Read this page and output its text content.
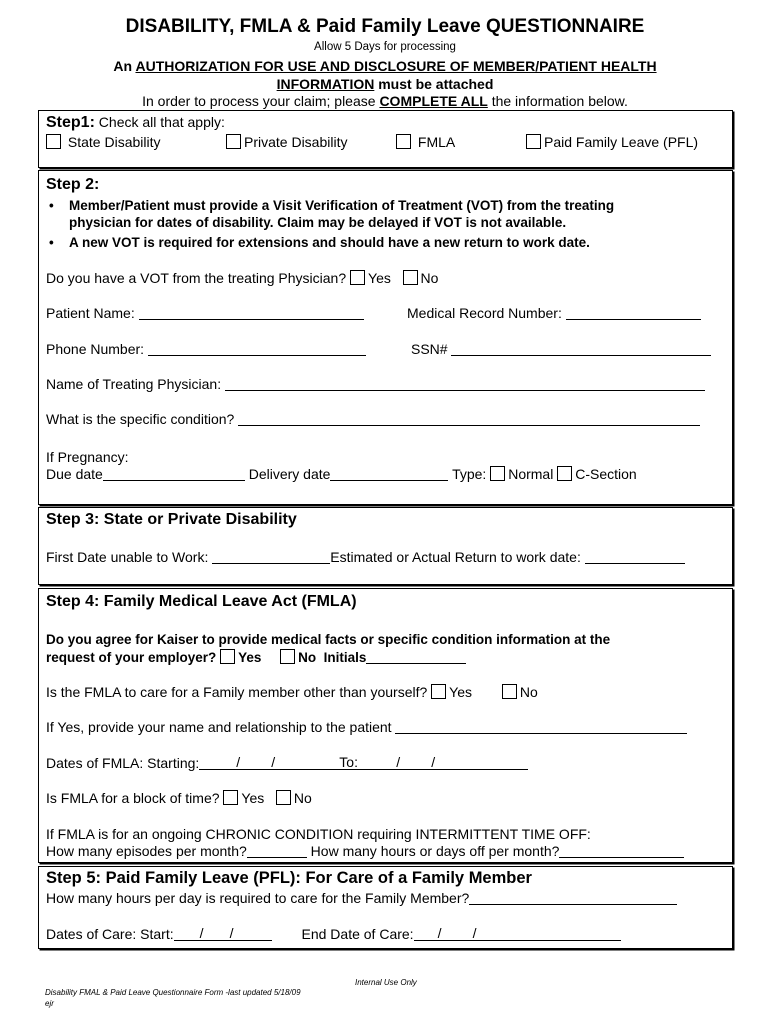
DISABILITY, FMLA & Paid Family Leave QUESTIONNAIRE
Allow 5 Days for processing
An AUTHORIZATION FOR USE AND DISCLOSURE OF MEMBER/PATIENT HEALTH
INFORMATION must be attached
In order to process your claim; please COMPLETE ALL the information below.
Step1: Check all that apply:
State Disability	Private Disability	FMLA	Paid Family Leave (PFL)
Step 2:
• Member/Patient must provide a Visit Verification of Treatment (VOT) from the treating
physician for dates of disability. Claim may be delayed if VOT is not available.
• A new VOT is required for extensions and should have a new return to work date.
Do you have a VOT from the treating Physician? Yes No
Patient Name:	Medical Record Number:
Phone Number:	SSN#
Name of Treating Physician:
What is the specific condition?
If Pregnancy:
Due date	Delivery date	Type: Normal C-Section
Step 3: State or Private Disability
First Date unable to Work:	Estimated or Actual Return to work date:
Step 4: Family Medical Leave Act (FMLA)
Do you agree for Kaiser to provide medical facts or specific condition information at the
request of your employer? Yes	No Initials
Is the FMLA to care for a Family member other than yourself? Yes	No
If Yes, provide your name and relationship to the patient
Dates of FMLA: Starting:	/ /	To:	/ /
Is FMLA for a block of time? Yes No
If FMLA is for an ongoing CHRONIC CONDITION requiring INTERMITTENT TIME OFF:
How many episodes per month?	How many hours or days off per month?
Step 5: Paid Family Leave (PFL): For Care of a Family Member
How many hours per day is required to care for the Family Member?
Dates of Care: Start: / /	End Date of Care: / /
Internal Use Only
Disability FMAL & Paid Leave Questionnaire Form -last updated 5/18/09
ejr
